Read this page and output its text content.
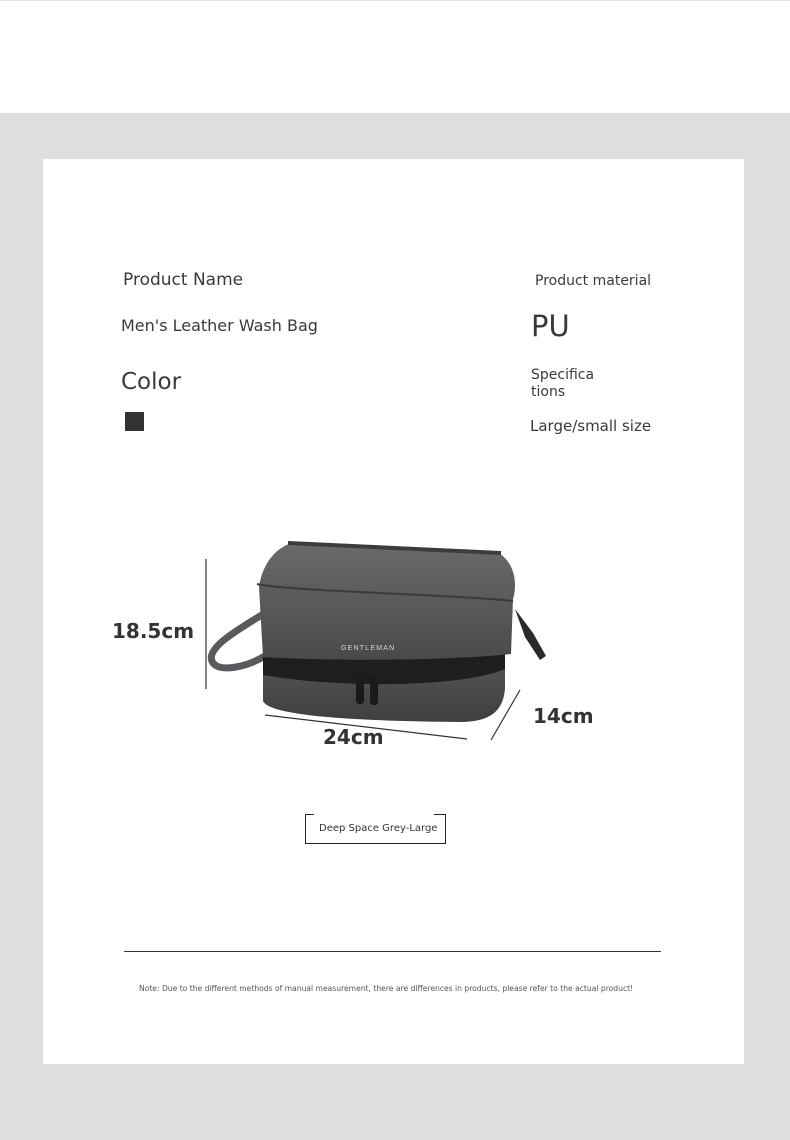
Product Name
Men's Leather Wash Bag
Color
Product material
PU
Specifica
tions
Large/small size
GENTLEMAN
18.5cm
24cm
14cm
Deep Space Grey-Large
Note: Due to the different methods of manual measurement, there are differences in products, please refer to the actual product!
